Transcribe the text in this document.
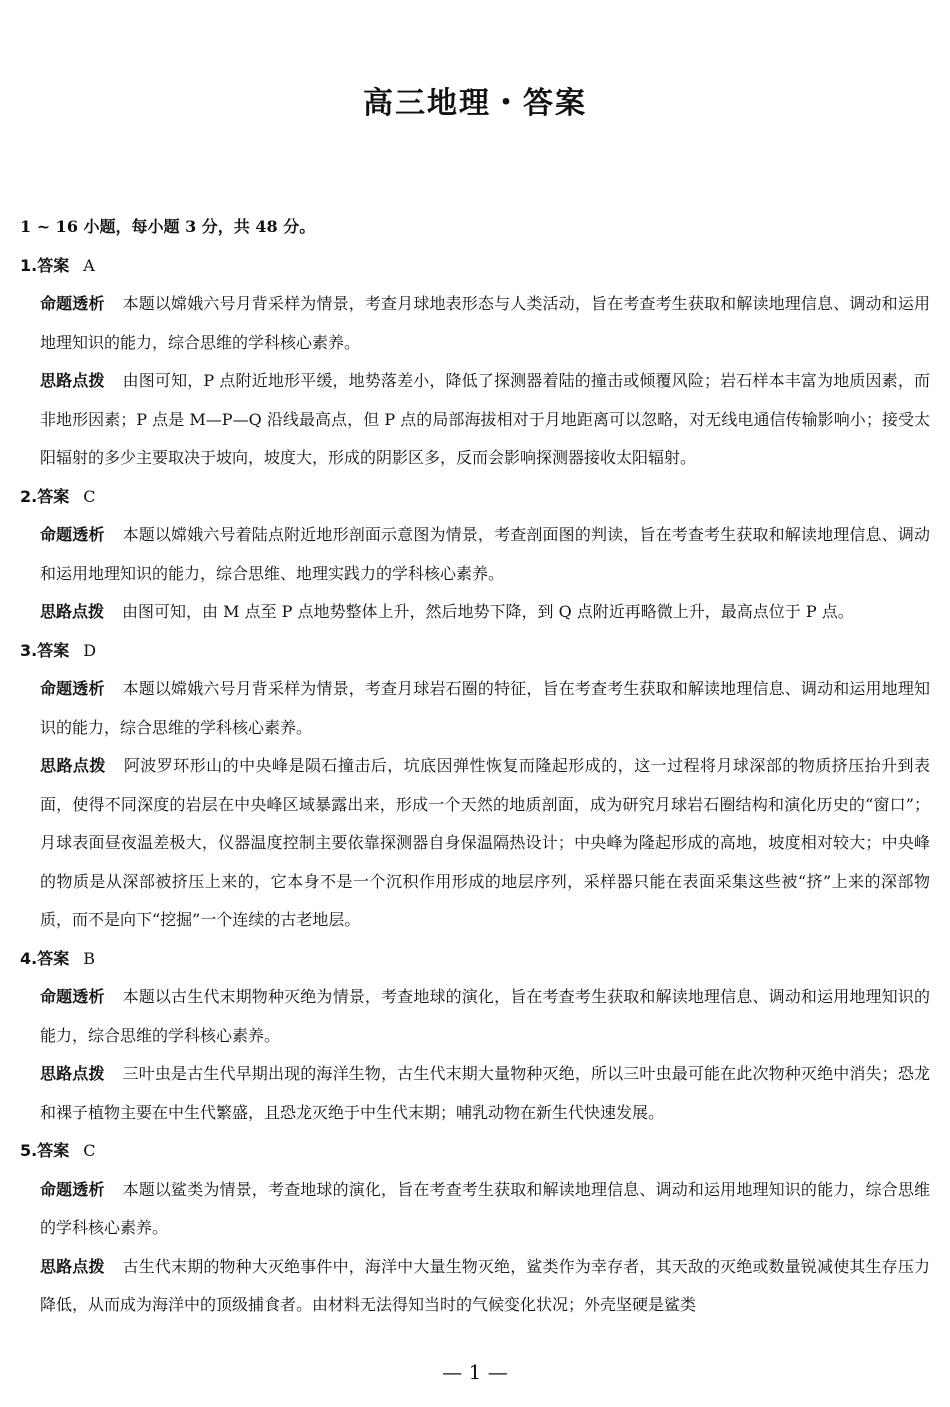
高三地理・答案
1 ~ 16 小题，每小题 3 分，共 48 分。
1.答案 A
命题透析 本题以嫦娥六号月背采样为情景，考查月球地表形态与人类活动，旨在考查考生获取和解读地理信息、调动和运用地理知识的能力，综合思维的学科核心素养。
思路点拨 由图可知，P 点附近地形平缓，地势落差小，降低了探测器着陆的撞击或倾覆风险；岩石样本丰富为地质因素，而非地形因素；P 点是 M—P—Q 沿线最高点，但 P 点的局部海拔相对于月地距离可以忽略，对无线电通信传输影响小；接受太阳辐射的多少主要取决于坡向，坡度大，形成的阴影区多，反而会影响探测器接收太阳辐射。
2.答案 C
命题透析 本题以嫦娥六号着陆点附近地形剖面示意图为情景，考查剖面图的判读，旨在考查考生获取和解读地理信息、调动和运用地理知识的能力，综合思维、地理实践力的学科核心素养。
思路点拨 由图可知，由 M 点至 P 点地势整体上升，然后地势下降，到 Q 点附近再略微上升，最高点位于 P 点。
3.答案 D
命题透析 本题以嫦娥六号月背采样为情景，考查月球岩石圈的特征，旨在考查考生获取和解读地理信息、调动和运用地理知识的能力，综合思维的学科核心素养。
思路点拨 阿波罗环形山的中央峰是陨石撞击后，坑底因弹性恢复而隆起形成的，这一过程将月球深部的物质挤压抬升到表面，使得不同深度的岩层在中央峰区域暴露出来，形成一个天然的地质剖面，成为研究月球岩石圈结构和演化历史的“窗口”；月球表面昼夜温差极大，仪器温度控制主要依靠探测器自身保温隔热设计；中央峰为隆起形成的高地，坡度相对较大；中央峰的物质是从深部被挤压上来的，它本身不是一个沉积作用形成的地层序列，采样器只能在表面采集这些被“挤”上来的深部物质，而不是向下“挖掘”一个连续的古老地层。
4.答案 B
命题透析 本题以古生代末期物种灭绝为情景，考查地球的演化，旨在考查考生获取和解读地理信息、调动和运用地理知识的能力，综合思维的学科核心素养。
思路点拨 三叶虫是古生代早期出现的海洋生物，古生代末期大量物种灭绝，所以三叶虫最可能在此次物种灭绝中消失；恐龙和裸子植物主要在中生代繁盛，且恐龙灭绝于中生代末期；哺乳动物在新生代快速发展。
5.答案 C
命题透析 本题以鲨类为情景，考查地球的演化，旨在考查考生获取和解读地理信息、调动和运用地理知识的能力，综合思维的学科核心素养。
思路点拨 古生代末期的物种大灭绝事件中，海洋中大量生物灭绝，鲨类作为幸存者，其天敌的灭绝或数量锐减使其生存压力降低，从而成为海洋中的顶级捕食者。由材料无法得知当时的气候变化状况；外壳坚硬是鲨类
— 1 —
